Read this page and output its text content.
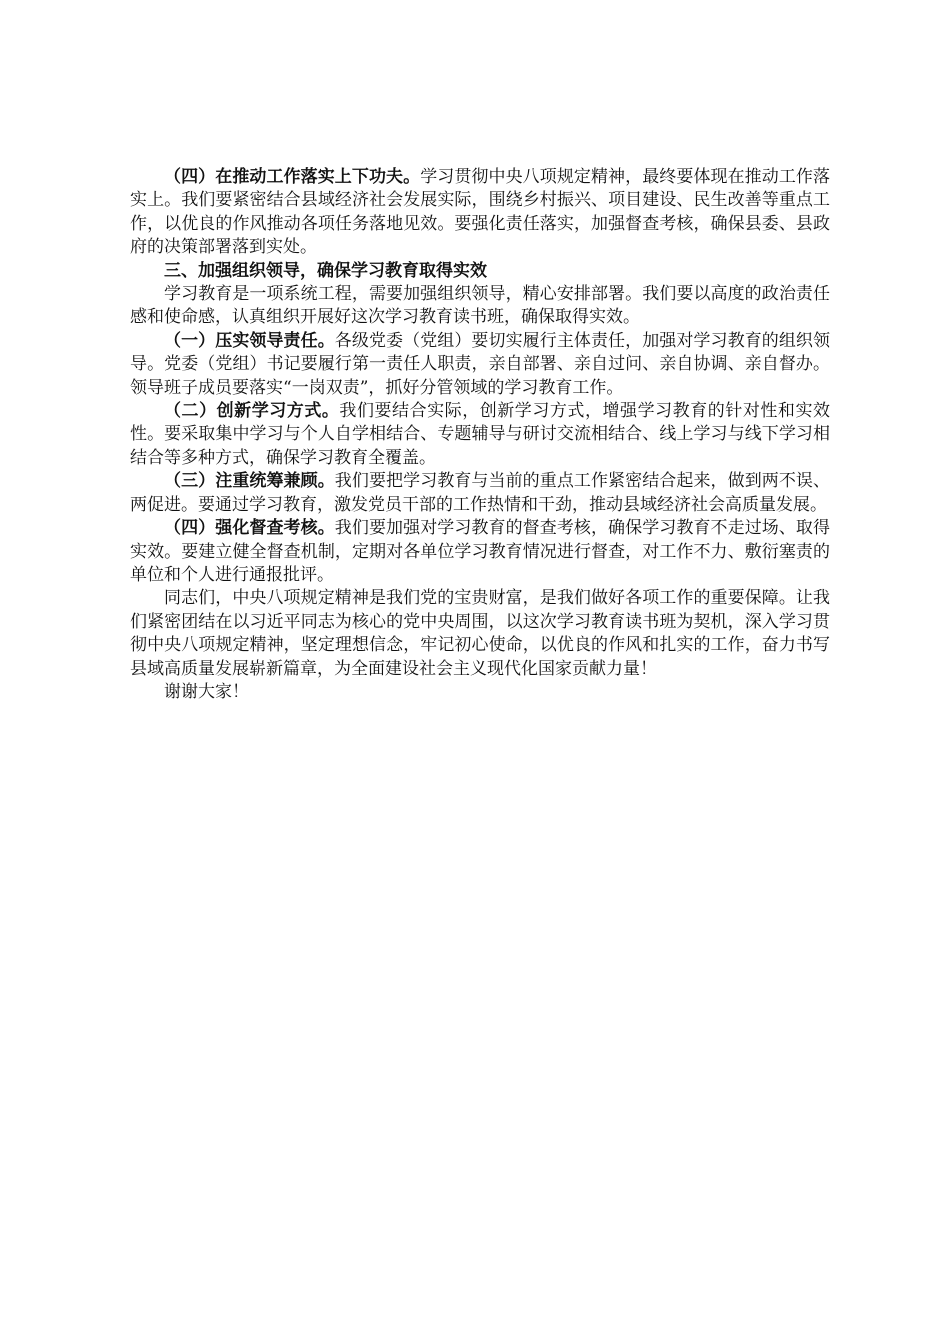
（四）在推动工作落实上下功夫。学习贯彻中央八项规定精神，最终要体现在推动工作落实上。我们要紧密结合县域经济社会发展实际，围绕乡村振兴、项目建设、民生改善等重点工作，以优良的作风推动各项任务落地见效。要强化责任落实，加强督查考核，确保县委、县政府的决策部署落到实处。

三、加强组织领导，确保学习教育取得实效

学习教育是一项系统工程，需要加强组织领导，精心安排部署。我们要以高度的政治责任感和使命感，认真组织开展好这次学习教育读书班，确保取得实效。

（一）压实领导责任。各级党委（党组）要切实履行主体责任，加强对学习教育的组织领导。党委（党组）书记要履行第一责任人职责，亲自部署、亲自过问、亲自协调、亲自督办。领导班子成员要落实“一岗双责”，抓好分管领域的学习教育工作。

（二）创新学习方式。我们要结合实际，创新学习方式，增强学习教育的针对性和实效性。要采取集中学习与个人自学相结合、专题辅导与研讨交流相结合、线上学习与线下学习相结合等多种方式，确保学习教育全覆盖。

（三）注重统筹兼顾。我们要把学习教育与当前的重点工作紧密结合起来，做到两不误、两促进。要通过学习教育，激发党员干部的工作热情和干劲，推动县域经济社会高质量发展。

（四）强化督查考核。我们要加强对学习教育的督查考核，确保学习教育不走过场、取得实效。要建立健全督查机制，定期对各单位学习教育情况进行督查，对工作不力、敷衍塞责的单位和个人进行通报批评。

同志们，中央八项规定精神是我们党的宝贵财富，是我们做好各项工作的重要保障。让我们紧密团结在以习近平同志为核心的党中央周围，以这次学习教育读书班为契机，深入学习贯彻中央八项规定精神，坚定理想信念，牢记初心使命，以优良的作风和扎实的工作，奋力书写县域高质量发展崭新篇章，为全面建设社会主义现代化国家贡献力量！

谢谢大家！
